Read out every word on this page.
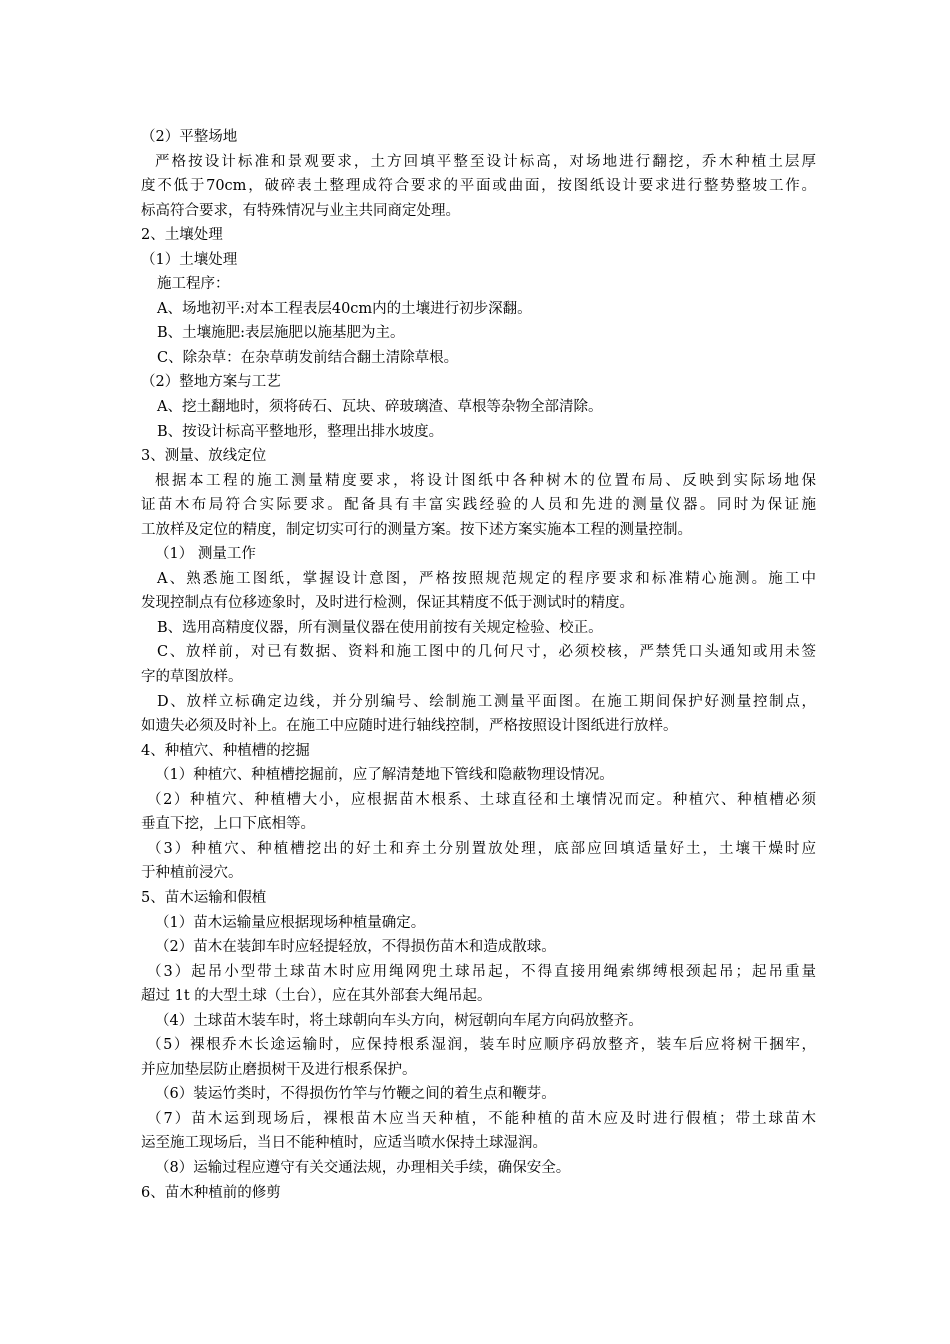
（2）平整场地
严格按设计标准和景观要求，土方回填平整至设计标高，对场地进行翻挖，乔木种植土层厚
度不低于70cm，破碎表土整理成符合要求的平面或曲面，按图纸设计要求进行整势整坡工作。
标高符合要求，有特殊情况与业主共同商定处理。
2、土壤处理
（1）土壤处理
施工程序：
A、场地初平:对本工程表层40cm内的土壤进行初步深翻。
B、土壤施肥:表层施肥以施基肥为主。
C、除杂草：在杂草萌发前结合翻土清除草根。
（2）整地方案与工艺
A、挖土翻地时，须将砖石、瓦块、碎玻璃渣、草根等杂物全部清除。
B、按设计标高平整地形，整理出排水坡度。
3、测量、放线定位
根据本工程的施工测量精度要求，将设计图纸中各种树木的位置布局、反映到实际场地保
证苗木布局符合实际要求。配备具有丰富实践经验的人员和先进的测量仪器。同时为保证施
工放样及定位的精度，制定切实可行的测量方案。按下述方案实施本工程的测量控制。
（1） 测量工作
A、熟悉施工图纸，掌握设计意图，严格按照规范规定的程序要求和标准精心施测。施工中
发现控制点有位移迹象时，及时进行检测，保证其精度不低于测试时的精度。
B、选用高精度仪器，所有测量仪器在使用前按有关规定检验、校正。
C、放样前，对已有数据、资料和施工图中的几何尺寸，必须校核，严禁凭口头通知或用未签
字的草图放样。
D、放样立标确定边线，并分别编号、绘制施工测量平面图。在施工期间保护好测量控制点，
如遗失必须及时补上。在施工中应随时进行轴线控制，严格按照设计图纸进行放样。
4、种植穴、种植槽的挖掘
（1）种植穴、种植槽挖掘前，应了解清楚地下管线和隐蔽物理设情况。
（2）种植穴、种植槽大小，应根据苗木根系、土球直径和土壤情况而定。种植穴、种植槽必须
垂直下挖，上口下底相等。
（3）种植穴、种植槽挖出的好土和弃土分别置放处理，底部应回填适量好土，土壤干燥时应
于种植前浸穴。
5、苗木运输和假植
（1）苗木运输量应根据现场种植量确定。
（2）苗木在装卸车时应轻提轻放，不得损伤苗木和造成散球。
（3）起吊小型带土球苗木时应用绳网兜土球吊起，不得直接用绳索绑缚根颈起吊；起吊重量
超过 1t 的大型土球（土台），应在其外部套大绳吊起。
（4）土球苗木装车时，将土球朝向车头方向，树冠朝向车尾方向码放整齐。
（5）裸根乔木长途运输时，应保持根系湿润，装车时应顺序码放整齐，装车后应将树干捆牢，
并应加垫层防止磨损树干及进行根系保护。
（6）装运竹类时，不得损伤竹竿与竹鞭之间的着生点和鞭芽。
（7）苗木运到现场后，裸根苗木应当天种植，不能种植的苗木应及时进行假植；带土球苗木
运至施工现场后，当日不能种植时，应适当喷水保持土球湿润。
（8）运输过程应遵守有关交通法规，办理相关手续，确保安全。
6、苗木种植前的修剪
